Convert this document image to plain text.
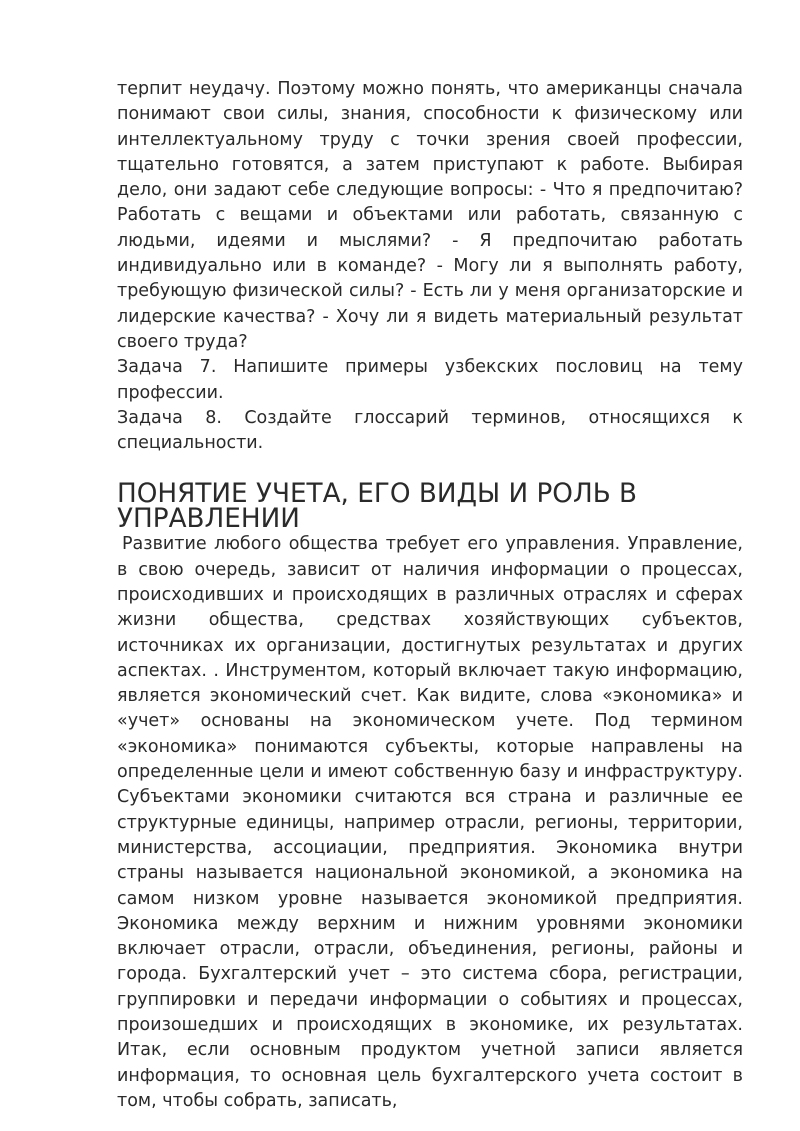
терпит неудачу. Поэтому можно понять, что американцы сначала понимают свои силы, знания, способности к физическому или интеллектуальному труду с точки зрения своей профессии, тщательно готовятся, а затем приступают к работе. Выбирая дело, они задают себе следующие вопросы: - Что я предпочитаю? Работать с вещами и объектами или работать, связанную с людьми, идеями и мыслями? - Я предпочитаю работать индивидуально или в команде? - Могу ли я выполнять работу, требующую физической силы? - Есть ли у меня организаторские и лидерские качества? - Хочу ли я видеть материальный результат своего труда?

Задача 7. Напишите примеры узбекских пословиц на тему профессии.

Задача 8. Создайте глоссарий терминов, относящихся к специальности.

ПОНЯТИЕ УЧЕТА, ЕГО ВИДЫ И РОЛЬ В УПРАВЛЕНИИ

Развитие любого общества требует его управления. Управление, в свою очередь, зависит от наличия информации о процессах, происходивших и происходящих в различных отраслях и сферах жизни общества, средствах хозяйствующих субъектов, источниках их организации, достигнутых результатах и других аспектах. . Инструментом, который включает такую информацию, является экономический счет. Как видите, слова «экономика» и «учет» основаны на экономическом учете. Под термином «экономика» понимаются субъекты, которые направлены на определенные цели и имеют собственную базу и инфраструктуру. Субъектами экономики считаются вся страна и различные ее структурные единицы, например отрасли, регионы, территории, министерства, ассоциации, предприятия. Экономика внутри страны называется национальной экономикой, а экономика на самом низком уровне называется экономикой предприятия. Экономика между верхним и нижним уровнями экономики включает отрасли, отрасли, объединения, регионы, районы и города. Бухгалтерский учет – это система сбора, регистрации, группировки и передачи информации о событиях и процессах, произошедших и происходящих в экономике, их результатах. Итак, если основным продуктом учетной записи является информация, то основная цель бухгалтерского учета состоит в том, чтобы собрать, записать,
